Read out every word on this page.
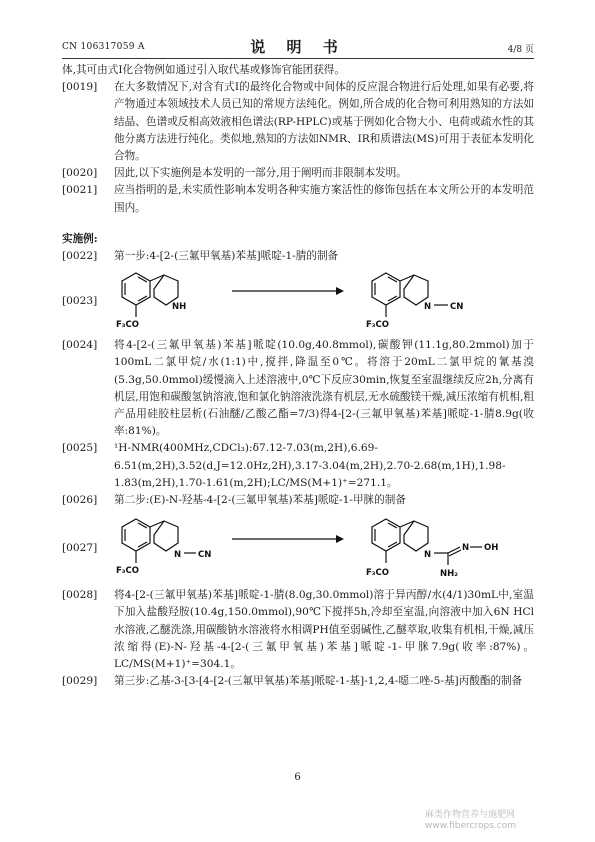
CN 106317059 A	说 明 书	4/8 页
体,其可由式I化合物例如通过引入取代基或修饰官能团获得。
[0019]	在大多数情况下,对含有式I的最终化合物或中间体的反应混合物进行后处理,如果有必要,将产物通过本领域技术人员已知的常规方法纯化。例如,所合成的化合物可利用熟知的方法如结晶、色谱或反相高效液相色谱法(RP-HPLC)或基于例如化合物大小、电荷或疏水性的其他分离方法进行纯化。类似地,熟知的方法如NMR、IR和质谱法(MS)可用于表征本发明化合物。
[0020]	因此,以下实施例是本发明的一部分,用于阐明而非限制本发明。
[0021]	应当指明的是,未实质性影响本发明各种实施方案活性的修饰包括在本文所公开的本发明范围内。
实施例:
[0022]	第一步:4-[2-(三氟甲氧基)苯基]哌啶-1-腈的制备
[0023]
F₃CO
NH
F₃CO
N CN
[0024]	将4-[2-(三氟甲氧基)苯基]哌啶(10.0g,40.8mmol),碳酸钾(11.1g,80.2mmol)加于100mL二氯甲烷/水(1:1)中,搅拌,降温至0℃。将溶于20mL二氯甲烷的氰基溴(5.3g,50.0mmol)缓慢滴入上述溶液中,0℃下反应30min,恢复至室温继续反应2h,分离有机层,用饱和碳酸氢钠溶液,饱和氯化钠溶液洗涤有机层,无水硫酸镁干燥,减压浓缩有机相,粗产品用硅胶柱层析(石油醚/乙酸乙酯=7/3)得4-[2-(三氟甲氧基)苯基]哌啶-1-腈8.9g(收率:81%)。
[0025]	¹H-NMR(400MHz,CDCl₃):δ7.12-7.03(m,2H),6.69-6.51(m,2H),3.52(d,J=12.0Hz,2H),3.17-3.04(m,2H),2.70-2.68(m,1H),1.98-1.83(m,2H),1.70-1.61(m,2H);LC/MS(M+1)⁺=271.1。
[0026]	第二步:(E)-N-羟基-4-[2-(三氟甲氧基)苯基]哌啶-1-甲脒的制备
[0027]
F₃CO
N CN
F₃CO
N
N OH
NH₂
[0028]	将4-[2-(三氟甲氧基)苯基]哌啶-1-腈(8.0g,30.0mmol)溶于异丙醇/水(4/1)30mL中,室温下加入盐酸羟胺(10.4g,150.0mmol),90℃下搅拌5h,冷却至室温,向溶液中加入6N HCl水溶液,乙醚洗涤,用碳酸钠水溶液将水相调PH值至弱碱性,乙醚萃取,收集有机相,干燥,减压浓缩得(E)-N-羟基-4-[2-(三氟甲氧基)苯基]哌啶-1-甲脒7.9g(收率:87%)。LC/MS(M+1)⁺=304.1。
[0029]	第三步:乙基-3-[3-[4-[2-(三氟甲氧基)苯基]哌啶-1-基]-1,2,4-噁二唑-5-基]丙酸酯的制备
6
麻类作物营养与施肥网
www.fibercrops.com
